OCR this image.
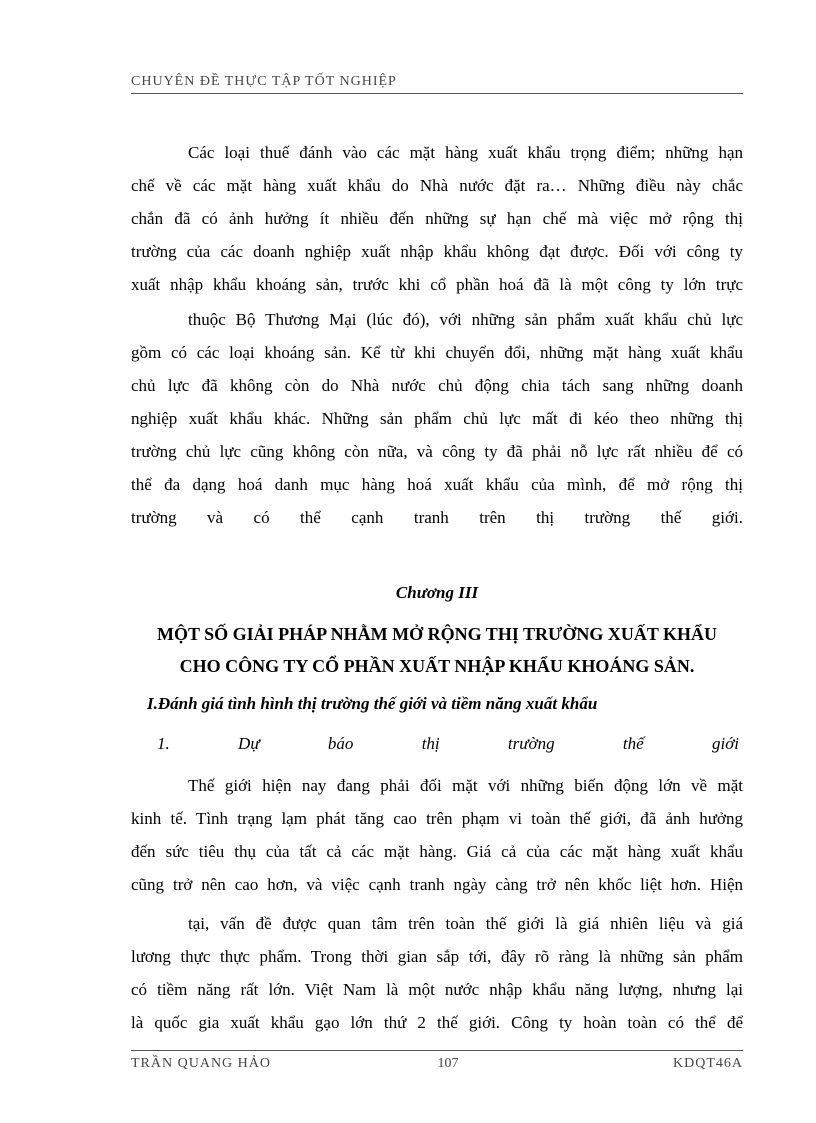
CHUYÊN ĐỀ THỰC TẬP TỐT NGHIỆP
Các loại thuế đánh vào các mặt hàng xuất khẩu trọng điểm; những hạn
chế về các mặt hàng xuất khẩu do Nhà nước đặt ra… Những điều này chắc
chắn đã có ảnh hưởng ít nhiều đến những sự hạn chế mà việc mở rộng thị
trường của các doanh nghiệp xuất nhập khẩu không đạt được. Đối với công ty
xuất nhập khẩu khoáng sản, trước khi cổ phần hoá đã là một công ty lớn trực
thuộc Bộ Thương Mại (lúc đó), với những sản phẩm xuất khẩu chủ lực
gồm có các loại khoáng sản. Kể từ khi chuyển đổi, những mặt hàng xuất khẩu
chủ lực đã không còn do Nhà nước chủ động chia tách sang những doanh
nghiệp xuất khẩu khác. Những sản phẩm chủ lực mất đi kéo theo những thị
trường chủ lực cũng không còn nữa, và công ty đã phải nỗ lực rất nhiều để có
thể đa dạng hoá danh mục hàng hoá xuất khẩu của mình, để mở rộng thị
trường và có thể cạnh tranh trên thị trường thế giới.
Chương III
MỘT SỐ GIẢI PHÁP NHẰM MỞ RỘNG THỊ TRƯỜNG XUẤT KHẨU
CHO CÔNG TY CỔ PHẦN XUẤT NHẬP KHẨU KHOÁNG SẢN.
I.Đánh giá tình hình thị trường thế giới và tiềm năng xuất khẩu
1. Dự báo thị trường thế giới
Thế giới hiện nay đang phải đối mặt với những biến động lớn về mặt
kinh tế. Tình trạng lạm phát tăng cao trên phạm vi toàn thế giới, đã ảnh hưởng
đến sức tiêu thụ của tất cả các mặt hàng. Giá cả của các mặt hàng xuất khẩu
cũng trở nên cao hơn, và việc cạnh tranh ngày càng trở nên khốc liệt hơn. Hiện
tại, vấn đề được quan tâm trên toàn thế giới là giá nhiên liệu và giá
lương thực thực phẩm. Trong thời gian sắp tới, đây rõ ràng là những sản phẩm
có tiềm năng rất lớn. Việt Nam là một nước nhập khẩu năng lượng, nhưng lại
là quốc gia xuất khẩu gạo lớn thứ 2 thế giới. Công ty hoàn toàn có thể để
TRẦN QUANG HẢO	107	KDQT46A
